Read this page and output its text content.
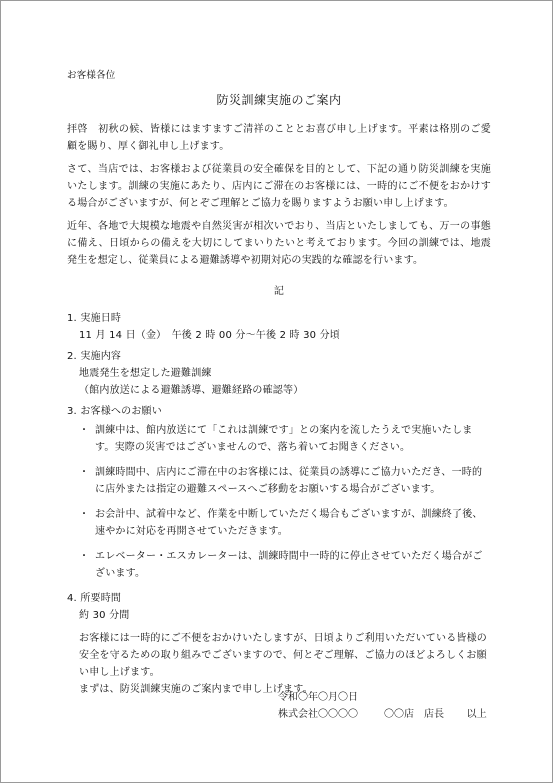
お客様各位

防災訓練実施のご案内

拝啓　初秋の候、皆様にはますますご清祥のこととお喜び申し上げます。平素は格別のご愛顧を賜り、厚く御礼申し上げます。

さて、当店では、お客様および従業員の安全確保を目的として、下記の通り防災訓練を実施いたします。訓練の実施にあたり、店内にご滞在のお客様には、一時的にご不便をおかけする場合がございますが、何とぞご理解とご協力を賜りますようお願い申し上げます。

近年、各地で大規模な地震や自然災害が相次いでおり、当店といたしましても、万一の事態に備え、日頃からの備えを大切にしてまいりたいと考えております。今回の訓練では、地震発生を想定し、従業員による避難誘導や初期対応の実践的な確認を行います。

記

1. 実施日時

11 月 14 日（金）　午後 2 時 00 分～午後 2 時 30 分頃

2. 実施内容

地震発生を想定した避難訓練

（館内放送による避難誘導、避難経路の確認等）

3. お客様へのお願い

・ 訓練中は、館内放送にて「これは訓練です」との案内を流したうえで実施いたします。実際の災害ではございませんので、落ち着いてお聞きください。
・ 訓練時間中、店内にご滞在中のお客様には、従業員の誘導にご協力いただき、一時的に店外または指定の避難スペースへご移動をお願いする場合がございます。
・ お会計中、試着中など、作業を中断していただく場合もございますが、訓練終了後、速やかに対応を再開させていただきます。
・ エレベーター・エスカレーターは、訓練時間中一時的に停止させていただく場合がございます。

4. 所要時間

約 30 分間

お客様には一時的にご不便をおかけいたしますが、日頃よりご利用いただいている皆様の安全を守るための取り組みでございますので、何とぞご理解、ご協力のほどよろしくお願い申し上げます。

まずは、防災訓練実施のご案内まで申し上げます。

以上
令和〇年〇月〇日
株式会社〇〇〇〇	〇〇店　店長
